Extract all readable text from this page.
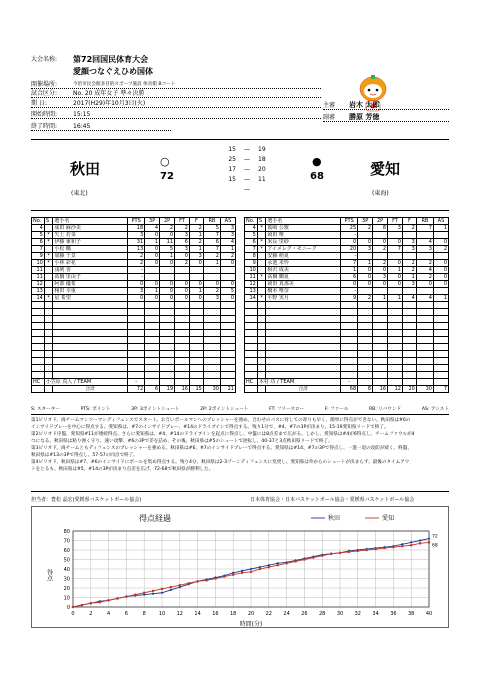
大会名称:	第72回国民体育大会
愛顔つなぐえひめ国体
開催場所:	今治市民会館多目的スポーツ施設 体育館 Bコート
試合区分:	No. 20 成年女子 準々決勝
期 日:	2017(H29)年10月3日(火)
開始時間:	15:15
終了時間:	16:45
主審 岩木 太郎
副審 勝原 芳徳
秋田
(東北)
○
72
15 — 19
25 — 18
17 — 20
15 — 11
—
●
68	愛知
(東海)
No.	S	選手名	PTS	3P	2P	FT	F	RB	AS
4		成田 麻沙美	18	4	2	2	2	5	3
5	*	矢上 若菜	3	0	0	3	1	7	3
6	*	伊藤 東和子	31	1	11	6	2	6	4
7		小松 楓	13	0	5	3	1	7	1
9	*	加藤 千景	2	0	1	0	3	2	2
10	*	小林 彩花	2	0	0	2	0	1	0
11		浅利 香	-						
11		髙橋 里由子	-						
12		阿部 優希	0	0	0	0	0	0	0
13		栩田 幸重	3	1	0	0	1	2	5
14	*	星 希望	0	0	0	0	0	3	0

HC	小笠原 真人 / TEAM		-						
		合計	72	6	19	16	15	30	21
No.	S	選手名	PTS	3P	2P	FT	F	RB	AS
4	*	篤崎 公歌	25	2	8	3	2	7	1
5		岡田 唯	-						
6	*	米長 里紗	0	0	0	0	3	4	0
7	*	アイメレク・モニーク	20	3	2	7	3	3	2
8		安藤 萌夏	-						
9		永池 未怜	7	1	2	0	2	2	0
10		相沢 成美	1	0	0	1	2	4	0
11	*	髙橋 蘭夏	6	0	3	0	1	2	0
12		岡田 真那美	0	0	0	0	3	0	0
13		橋本 唯奈	-						
14	*	平野 実月	9	2	1	1	4	4	1

HC	木村 功 / TEAM		-						
		合計	68	8	16	12	20	30	7
S: スターター	PTS: ポイント	3P: 3ポイントシュート	2P: 2ポイントシュート	FT: フリースロー	F: ファール	RB: リバウンド	AS: アシスト
第1ピリオド、両チームマンツーマンディフェンスでスタート。お互いボールマンへのプレッシャーを強め、合わせのパスに対しての寄りも早く、簡単に得点ができない。秋田県は#6の
インサイドプレーを中心に得点する。愛知県は、#7のインサイドプレー、#14のドライブインで得点する。残り1分で、#4、#7の3Pが決まり、15-19愛知県リードで終了。
第2ピリオド序盤、愛知県#11が連続得点、さらに愛知県は、#4、#14のドライブインを起点に得点し、中盤には8点差まで広がる。しかし、愛知県は#4が6得点し、チームファウルが4
つになる。秋田県は粘り強く守り、速い攻撃、#6の3Pで差を詰め、その後、秋田県は#5のシュートで逆転し、40-37と3点秋田県リードで終了。
第3ピリオド、両チームともディフェンスのプレッシャーを強める。秋田県は#6、#7のインサイドプレーで得点する。愛知県は#14、#7の3Pで得点し、一進一退の攻防が続く。終盤、
秋田県は#13の3Pで得点し、57-57の同点で終了。
第4ピリオド、秋田県は#7、#6のインサイドにボールを集め得点する。残り4分、秋田県は2-3ゾーンディフェンスに変更し、愛知県は外からのシュートが決まらず、最後のタイムアウ
トをとるも、秋田県は#5、#14の3Pが決まり点差を広げ、72-68で秋田県が勝利した。
担当者：豊松 晶宏(愛媛県バスケットボール協会)	日本体育協会・日本バスケットボール協会・愛媛県バスケットボール協会
得点経過
0
10
20
30
40
50
60
70
80
0	2	4	6	8	10 12 14 16 18 20 22 24 26 28 30 32 34 36 38 40
得点
時間(分)
秋田	愛知
72
68
